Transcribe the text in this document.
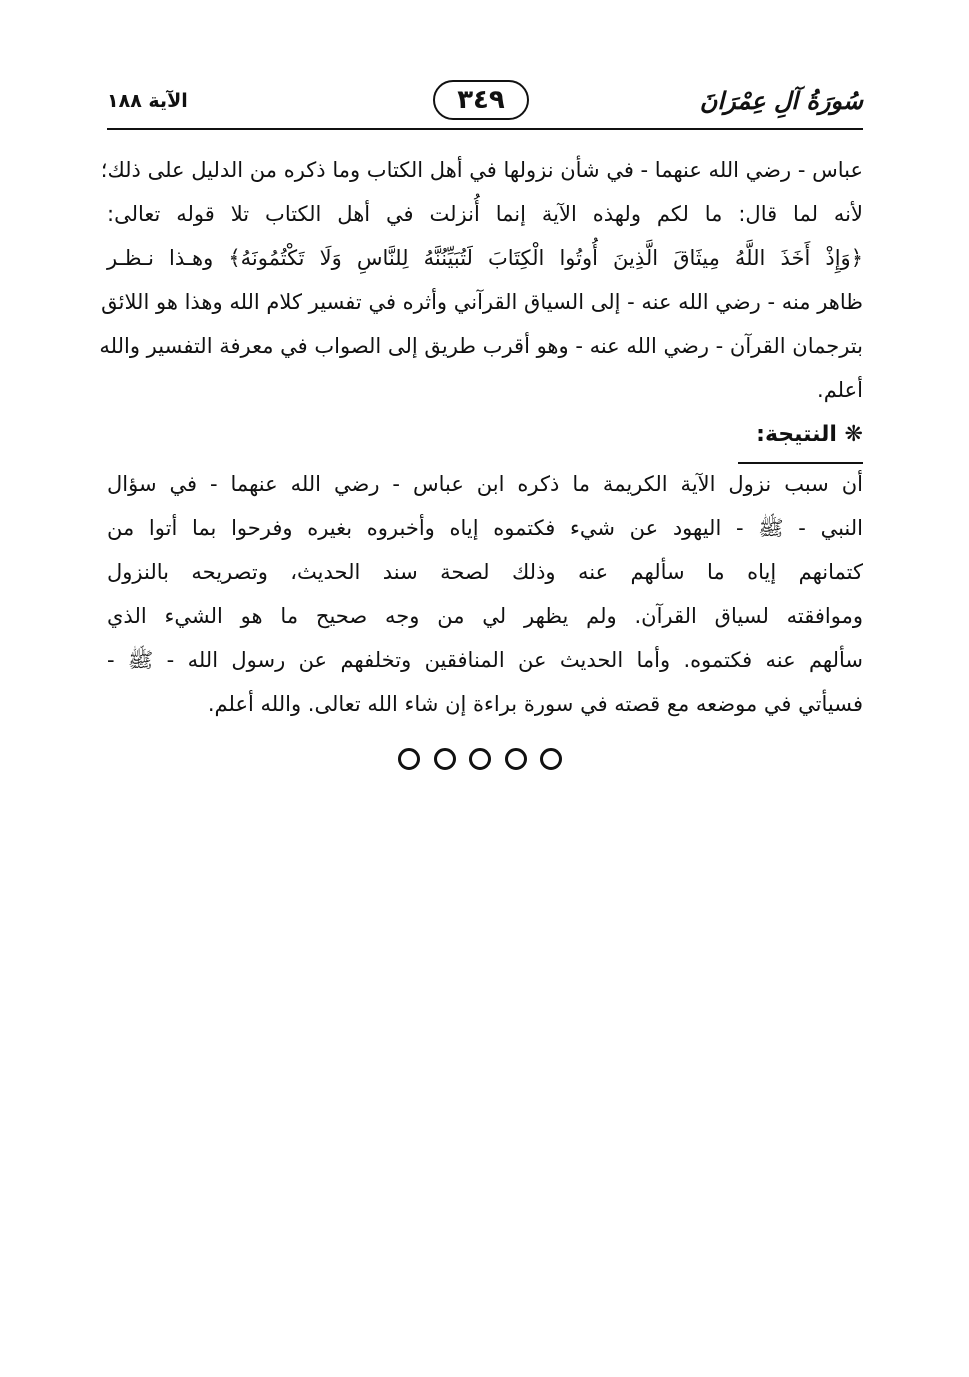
سُورَةُ آلِ عِمْرَانَ
٣٤٩
الآية ١٨٨
عباس - رضي الله عنهما - في شأن نزولها في أهل الكتاب وما ذكره من الدليل على ذلك؛
لأنه لما قال: ما لكم ولهذه الآية إنما أُنزلت في أهل الكتاب تلا قوله تعالى:
﴿وَإِذْ أَخَذَ اللَّهُ مِيثَاقَ الَّذِينَ أُوتُوا الْكِتَابَ لَتُبَيِّنُنَّهُ لِلنَّاسِ وَلَا تَكْتُمُونَهُ﴾ وهـذا نـظـر
ظاهر منه - رضي الله عنه - إلى السياق القرآني وأثره في تفسير كلام الله وهذا هو اللائق
بترجمان القرآن - رضي الله عنه - وهو أقرب طريق إلى الصواب في معرفة التفسير والله
أعلم.
❋ النتيجة:
أن سبب نزول الآية الكريمة ما ذكره ابن عباس - رضي الله عنهما - في سؤال
النبي - ﷺ - اليهود عن شيء فكتموه إياه وأخبروه بغيره وفرحوا بما أتوا من
كتمانهم إياه ما سألهم عنه وذلك لصحة سند الحديث، وتصريحه بالنزول
وموافقته لسياق القرآن. ولم يظهر لي من وجه صحيح ما هو الشيء الذي
سألهم عنه فكتموه. وأما الحديث عن المنافقين وتخلفهم عن رسول الله - ﷺ -
فسيأتي في موضعه مع قصته في سورة براءة إن شاء الله تعالى. والله أعلم.
